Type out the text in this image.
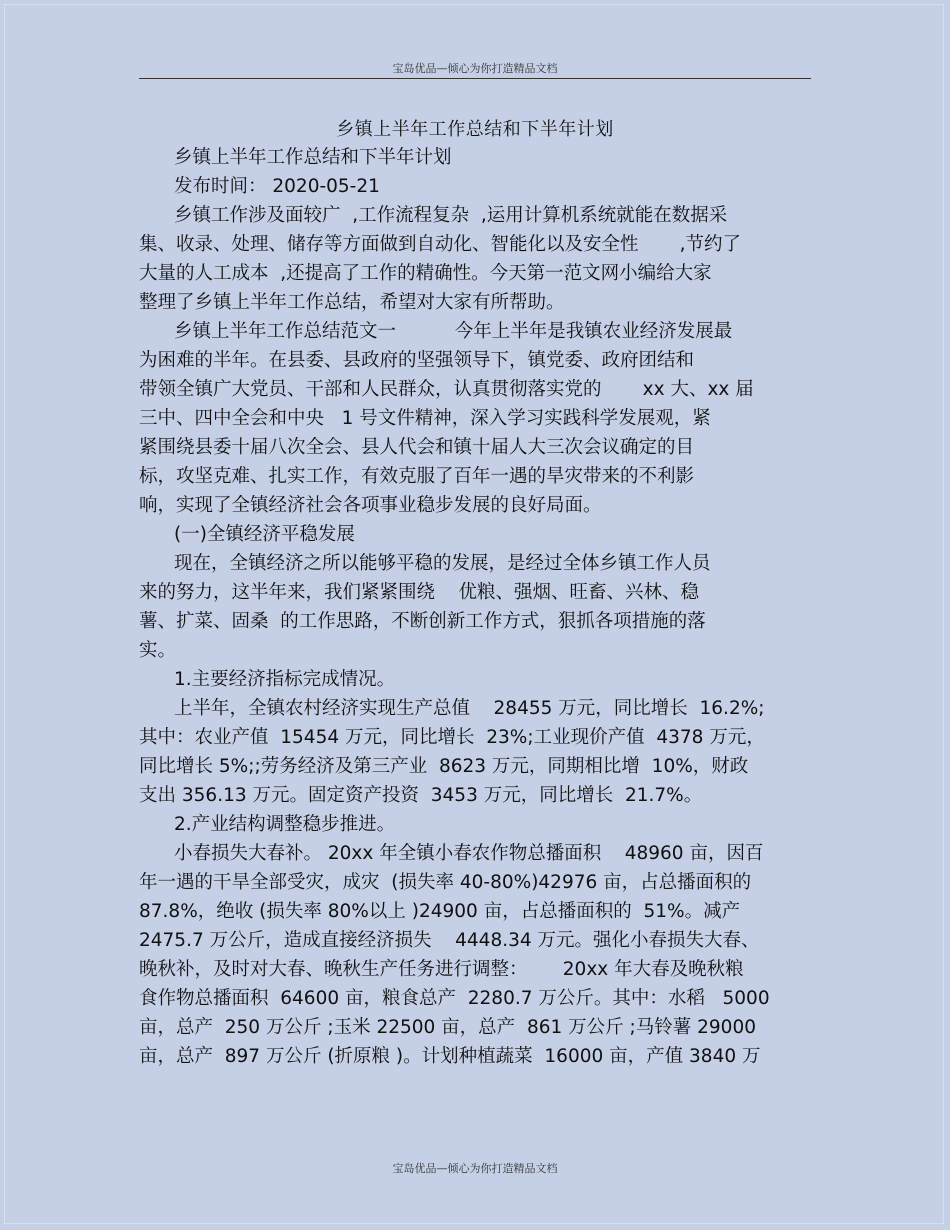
宝岛优品—倾心为你打造精品文档
乡镇上半年工作总结和下半年计划
乡镇上半年工作总结和下半年计划
发布时间： 2020-05-21
乡镇工作涉及面较广  ,工作流程复杂  ,运用计算机系统就能在数据采
集、收录、处理、储存等方面做到自动化、智能化以及安全性       ,节约了
大量的人工成本  ,还提高了工作的精确性。今天第一范文网小编给大家
整理了乡镇上半年工作总结，希望对大家有所帮助。
乡镇上半年工作总结范文一          今年上半年是我镇农业经济发展最
为困难的半年。在县委、县政府的坚强领导下，镇党委、政府团结和
带领全镇广大党员、干部和人民群众，认真贯彻落实党的       xx 大、xx 届
三中、四中全会和中央   1 号文件精神，深入学习实践科学发展观，紧
紧围绕县委十届八次全会、县人代会和镇十届人大三次会议确定的目
标，攻坚克难、扎实工作，有效克服了百年一遇的旱灾带来的不利影
响，实现了全镇经济社会各项事业稳步发展的良好局面。
(一)全镇经济平稳发展
现在，全镇经济之所以能够平稳的发展，是经过全体乡镇工作人员
来的努力，这半年来，我们紧紧围绕    优粮、强烟、旺畜、兴林、稳
薯、扩菜、固桑  的工作思路，不断创新工作方式，狠抓各项措施的落
实。
1.主要经济指标完成情况。
上半年，全镇农村经济实现生产总值    28455 万元，同比增长  16.2%;
其中：农业产值  15454 万元，同比增长  23%;工业现价产值  4378 万元，
同比增长 5%;;劳务经济及第三产业  8623 万元，同期相比增  10%，财政
支出 356.13 万元。固定资产投资  3453 万元，同比增长  21.7%。
2.产业结构调整稳步推进。
小春损失大春补。 20xx 年全镇小春农作物总播面积    48960 亩，因百
年一遇的干旱全部受灾，成灾  (损失率 40-80%)42976 亩，占总播面积的
87.8%，绝收 (损失率 80%以上 )24900 亩，占总播面积的  51%。减产
2475.7 万公斤，造成直接经济损失    4448.34 万元。强化小春损失大春、
晚秋补，及时对大春、晚秋生产任务进行调整：      20xx 年大春及晚秋粮
食作物总播面积  64600 亩，粮食总产  2280.7 万公斤。其中：水稻   5000
亩，总产  250 万公斤 ;玉米 22500 亩，总产  861 万公斤 ;马铃薯 29000
亩，总产  897 万公斤 (折原粮 )。计划种植蔬菜  16000 亩，产值 3840 万
宝岛优品—倾心为你打造精品文档
